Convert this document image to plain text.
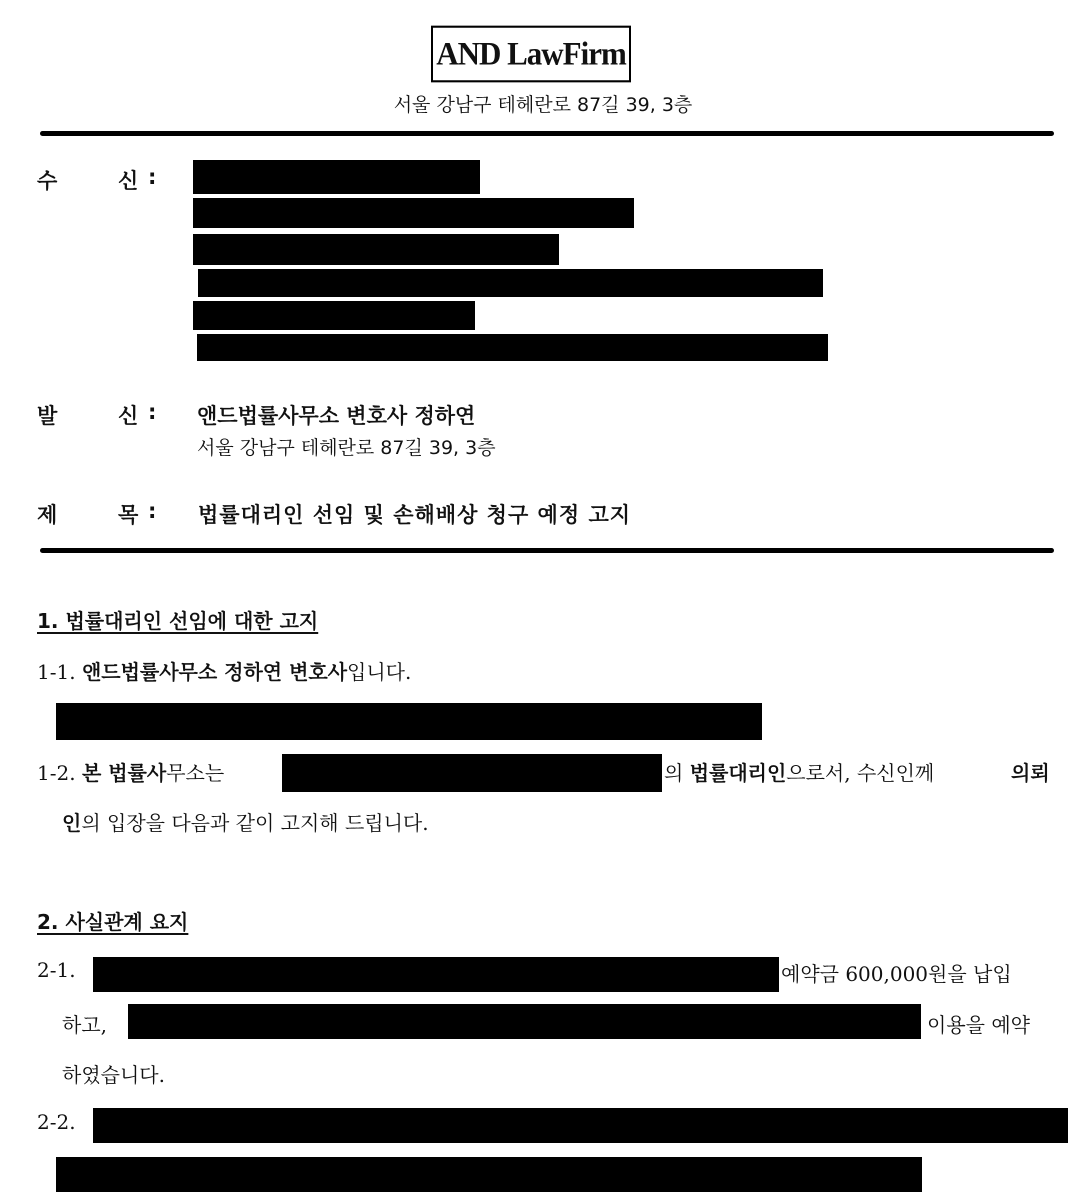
AND LawFirm
서울 강남구 테헤란로 87길 39, 3층
수	신 :
발	신 : 앤드법률사무소 변호사 정하연
서울 강남구 테헤란로 87길 39, 3층
제	목 : 법률대리인 선임 및 손해배상 청구 예정 고지
1. 법률대리인 선임에 대한 고지
1-1. 앤드법률사무소 정하연 변호사입니다.
1-2. 본 법률사무소는	의 법률대리인으로서, 수신인께	의뢰
인의 입장을 다음과 같이 고지해 드립니다.
2. 사실관계 요지
2-1.	예약금 600,000원을 납입
하고,	이용을 예약
하였습니다.
2-2.
